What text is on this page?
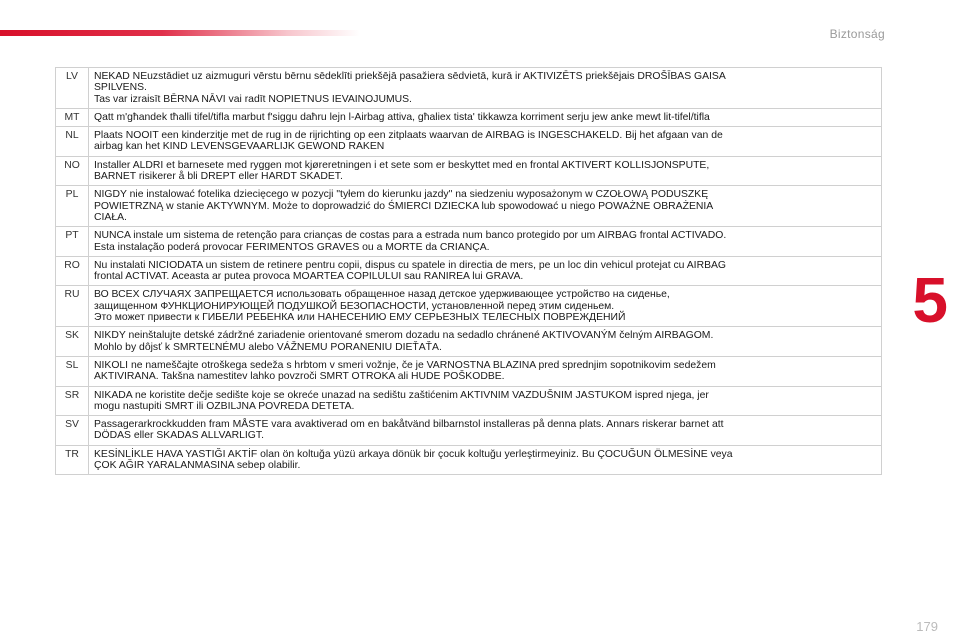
Biztonság
5
LV	NEKAD NEuzstādiet uz aizmuguri vērstu bērnu sēdeklīti priekšējā pasažiera sēdvietā, kurā ir AKTIVIZĒTS priekšējais DROŠĪBAS GAISA
SPILVENS.
Tas var izraisīt BĒRNA NĀVI vai radīt NOPIETNUS IEVAINOJUMUS.

MT	Qatt m'għandek tħalli tifel/tifla marbut f'siggu daħru lejn l-Airbag attiva, għaliex tista' tikkawza korriment serju jew anke mewt lit-tifel/tifla

NL	Plaats NOOIT een kinderzitje met de rug in de rijrichting op een zitplaats waarvan de AIRBAG is INGESCHAKELD. Bij het afgaan van de
airbag kan het KIND LEVENSGEVAARLIJK GEWOND RAKEN

NO	Installer ALDRI et barnesete med ryggen mot kjøreretningen i et sete som er beskyttet med en frontal AKTIVERT KOLLISJONSPUTE,
BARNET risikerer å bli DREPT eller HARDT SKADET.

PL	NIGDY nie instalować fotelika dziecięcego w pozycji "tyłem do kierunku jazdy" na siedzeniu wyposażonym w CZOŁOWĄ PODUSZKĘ
POWIETRZNĄ w stanie AKTYWNYM. Może to doprowadzić do ŚMIERCI DZIECKA lub spowodować u niego POWAŻNE OBRAŻENIA
CIAŁA.

PT	NUNCA instale um sistema de retenção para crianças de costas para a estrada num banco protegido por um AIRBAG frontal ACTIVADO.
Esta instalação poderá provocar FERIMENTOS GRAVES ou a MORTE da CRIANÇA.

RO	Nu instalati NICIODATA un sistem de retinere pentru copii, dispus cu spatele in directia de mers, pe un loc din vehicul protejat cu AIRBAG
frontal ACTIVAT. Aceasta ar putea provoca MOARTEA COPILULUI sau RANIREA lui GRAVA.

RU	ВО ВСЕХ СЛУЧАЯХ ЗАПРЕЩАЕТСЯ использовать обращенное назад детское удерживающее устройство на сиденье,
защищенном ФУНКЦИОНИРУЮЩЕЙ ПОДУШКОЙ БЕЗОПАСНОСТИ, установленной перед этим сиденьем.
Это может привести к ГИБЕЛИ РЕБЕНКА или НАНЕСЕНИЮ ЕМУ СЕРЬЕЗНЫХ ТЕЛЕСНЫХ ПОВРЕЖДЕНИЙ

SK	NIKDY neinštalujte detské zádržné zariadenie orientované smerom dozadu na sedadlo chránené AKTIVOVANÝM čelným AIRBAGOM.
Mohlo by dôjsť k SMRTEĽNÉMU alebo VÁŽNEMU PORANENIU DIEŤAŤA.

SL	NIKOLI ne nameščajte otroškega sedeža s hrbtom v smeri vožnje, če je VARNOSTNA BLAZINA pred sprednjim sopotnikovim sedežem
AKTIVIRANA. Takšna namestitev lahko povzroči SMRT OTROKA ali HUDE POŠKODBE.

SR	NIKADA ne koristite dečje sedište koje se okreće unazad na sedištu zaštićenim AKTIVNIM VAZDUŠNIM JASTUKOM ispred njega, jer
mogu nastupiti SMRT ili OZBILJNA POVREDA DETETA.

SV	Passagerarkrockkudden fram MÅSTE vara avaktiverad om en bakåtvänd bilbarnstol installeras på denna plats. Annars riskerar barnet att
DÖDAS eller SKADAS ALLVARLIGT.

TR	KESİNLİKLE HAVA YASTIĞI AKTİF olan ön koltuğa yüzü arkaya dönük bir çocuk koltuğu yerleştirmeyiniz. Bu ÇOCUĞUN ÖLMESİNE veya
ÇOK AĞIR YARALANMASINA sebep olabilir.
179
